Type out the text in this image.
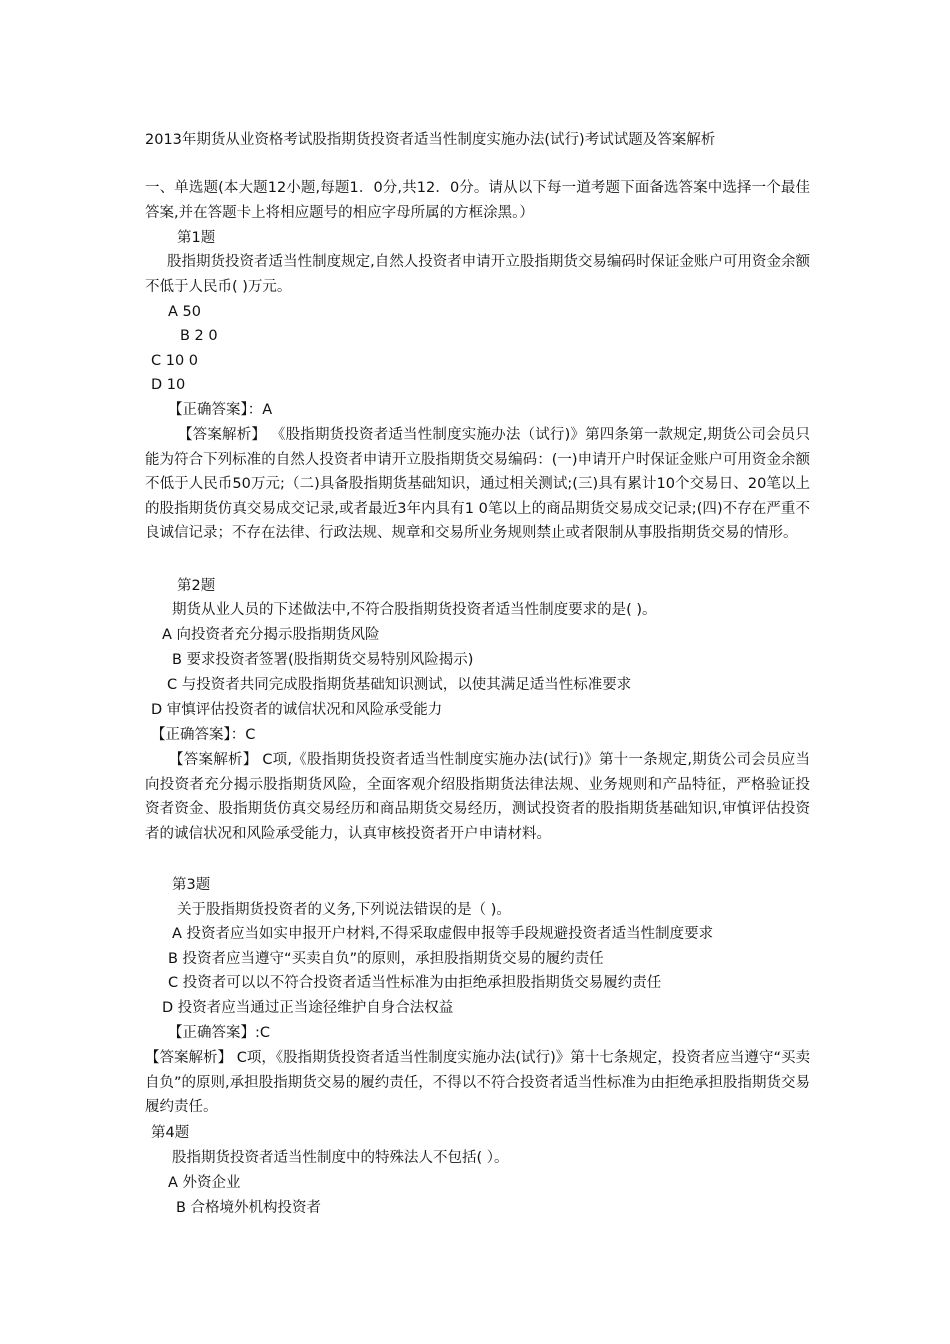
2013年期货从业资格考试股指期货投资者适当性制度实施办法(试行)考试试题及答案解析
一、单选题(本大题12小题,每题1．0分,共12．0分。请从以下每一道考题下面备选答案中选择一个最佳答案,并在答题卡上将相应题号的相应字母所属的方框涂黑。）
第1题
股指期货投资者适当性制度规定,自然人投资者申请开立股指期货交易编码时保证金账户可用资金余额不低于人民币( )万元。
A 50
B 2 0
C 10 0
D 10
【正确答案】：A
【答案解析】 《股指期货投资者适当性制度实施办法（试行)》第四条第一款规定,期货公司会员只能为符合下列标准的自然人投资者申请开立股指期货交易编码：(一)申请开户时保证金账户可用资金余额不低于人民币50万元;（二)具备股指期货基础知识，通过相关测试;(三)具有累计10个交易日、20笔以上的股指期货仿真交易成交记录,或者最近3年内具有1 0笔以上的商品期货交易成交记录;(四)不存在严重不良诚信记录；不存在法律、行政法规、规章和交易所业务规则禁止或者限制从事股指期货交易的情形。
第2题
期货从业人员的下述做法中,不符合股指期货投资者适当性制度要求的是( )。
A 向投资者充分揭示股指期货风险
B 要求投资者签署(股指期货交易特别风险揭示)
C 与投资者共同完成股指期货基础知识测试，以使其满足适当性标准要求
D 审慎评估投资者的诚信状况和风险承受能力
【正确答案】：C
【答案解析】 C项,《股指期货投资者适当性制度实施办法(试行)》第十一条规定,期货公司会员应当向投资者充分揭示股指期货风险，全面客观介绍股指期货法律法规、业务规则和产品特征，严格验证投资者资金、股指期货仿真交易经历和商品期货交易经历，测试投资者的股指期货基础知识,审慎评估投资者的诚信状况和风险承受能力，认真审核投资者开户申请材料。
第3题
关于股指期货投资者的义务,下列说法错误的是（ )。
A 投资者应当如实申报开户材料,不得采取虚假申报等手段规避投资者适当性制度要求
B 投资者应当遵守“买卖自负”的原则，承担股指期货交易的履约责任
C 投资者可以以不符合投资者适当性标准为由拒绝承担股指期货交易履约责任
D 投资者应当通过正当途径维护自身合法权益
【正确答案】:C
【答案解析】 C项，《股指期货投资者适当性制度实施办法(试行)》第十七条规定，投资者应当遵守“买卖自负”的原则,承担股指期货交易的履约责任，不得以不符合投资者适当性标准为由拒绝承担股指期货交易履约责任。
第4题
股指期货投资者适当性制度中的特殊法人不包括( ）。
A 外资企业
B 合格境外机构投资者
